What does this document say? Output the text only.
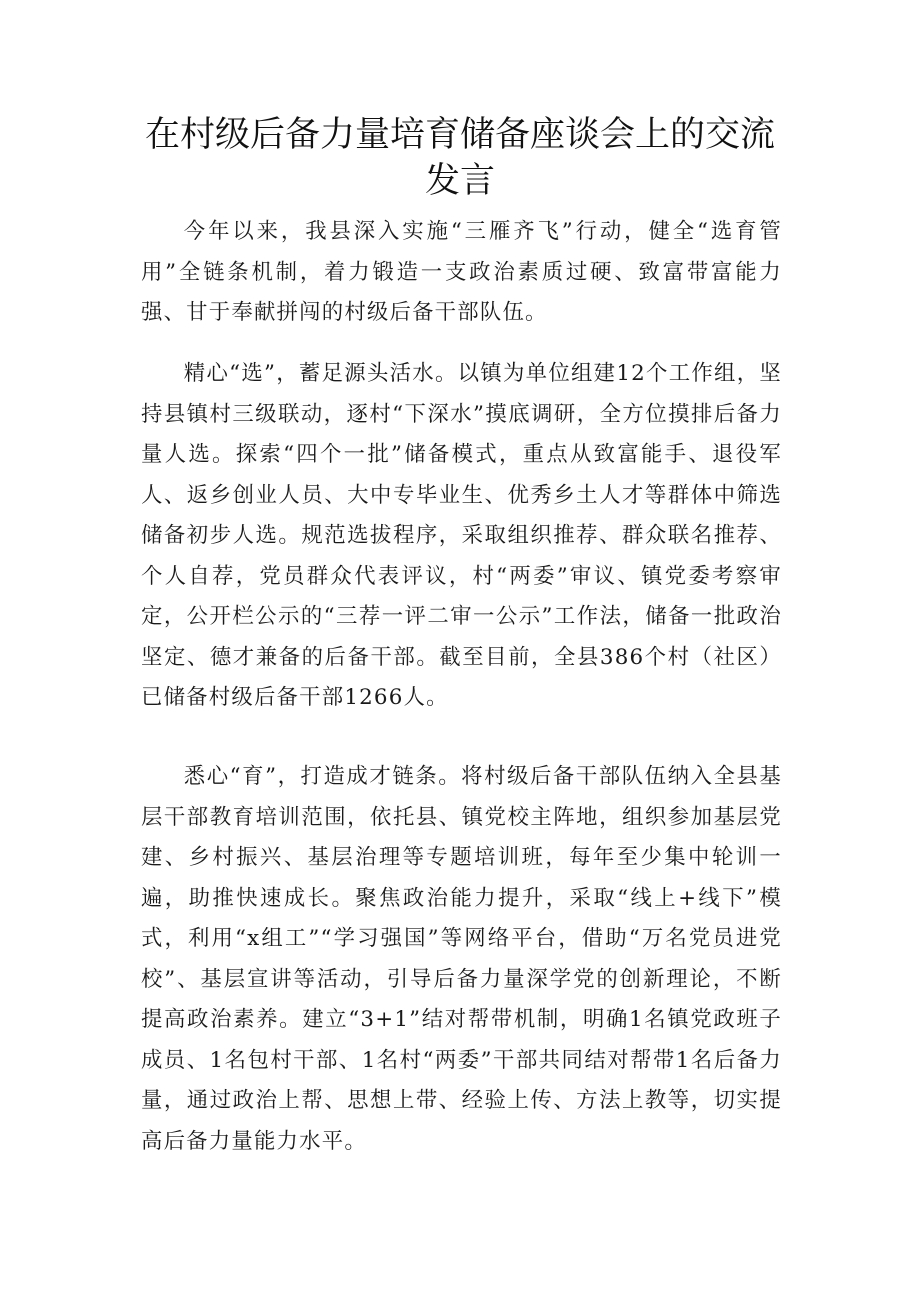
在村级后备力量培育储备座谈会上的交流发言

今年以来，我县深入实施“三雁齐飞”行动，健全“选育管用”全链条机制，着力锻造一支政治素质过硬、致富带富能力强、甘于奉献拼闯的村级后备干部队伍。

精心“选”，蓄足源头活水。以镇为单位组建12个工作组，坚持县镇村三级联动，逐村“下深水”摸底调研，全方位摸排后备力量人选。探索“四个一批”储备模式，重点从致富能手、退役军人、返乡创业人员、大中专毕业生、优秀乡土人才等群体中筛选储备初步人选。规范选拔程序，采取组织推荐、群众联名推荐、个人自荐，党员群众代表评议，村“两委”审议、镇党委考察审定，公开栏公示的“三荐一评二审一公示”工作法，储备一批政治坚定、德才兼备的后备干部。截至目前，全县386个村（社区）已储备村级后备干部1266人。

悉心“育”，打造成才链条。将村级后备干部队伍纳入全县基层干部教育培训范围，依托县、镇党校主阵地，组织参加基层党建、乡村振兴、基层治理等专题培训班，每年至少集中轮训一遍，助推快速成长。聚焦政治能力提升，采取“线上+线下”模式，利用“x组工”“学习强国”等网络平台，借助“万名党员进党校”、基层宣讲等活动，引导后备力量深学党的创新理论，不断提高政治素养。建立“3+1”结对帮带机制，明确1名镇党政班子成员、1名包村干部、1名村“两委”干部共同结对帮带1名后备力量，通过政治上帮、思想上带、经验上传、方法上教等，切实提高后备力量能力水平。
